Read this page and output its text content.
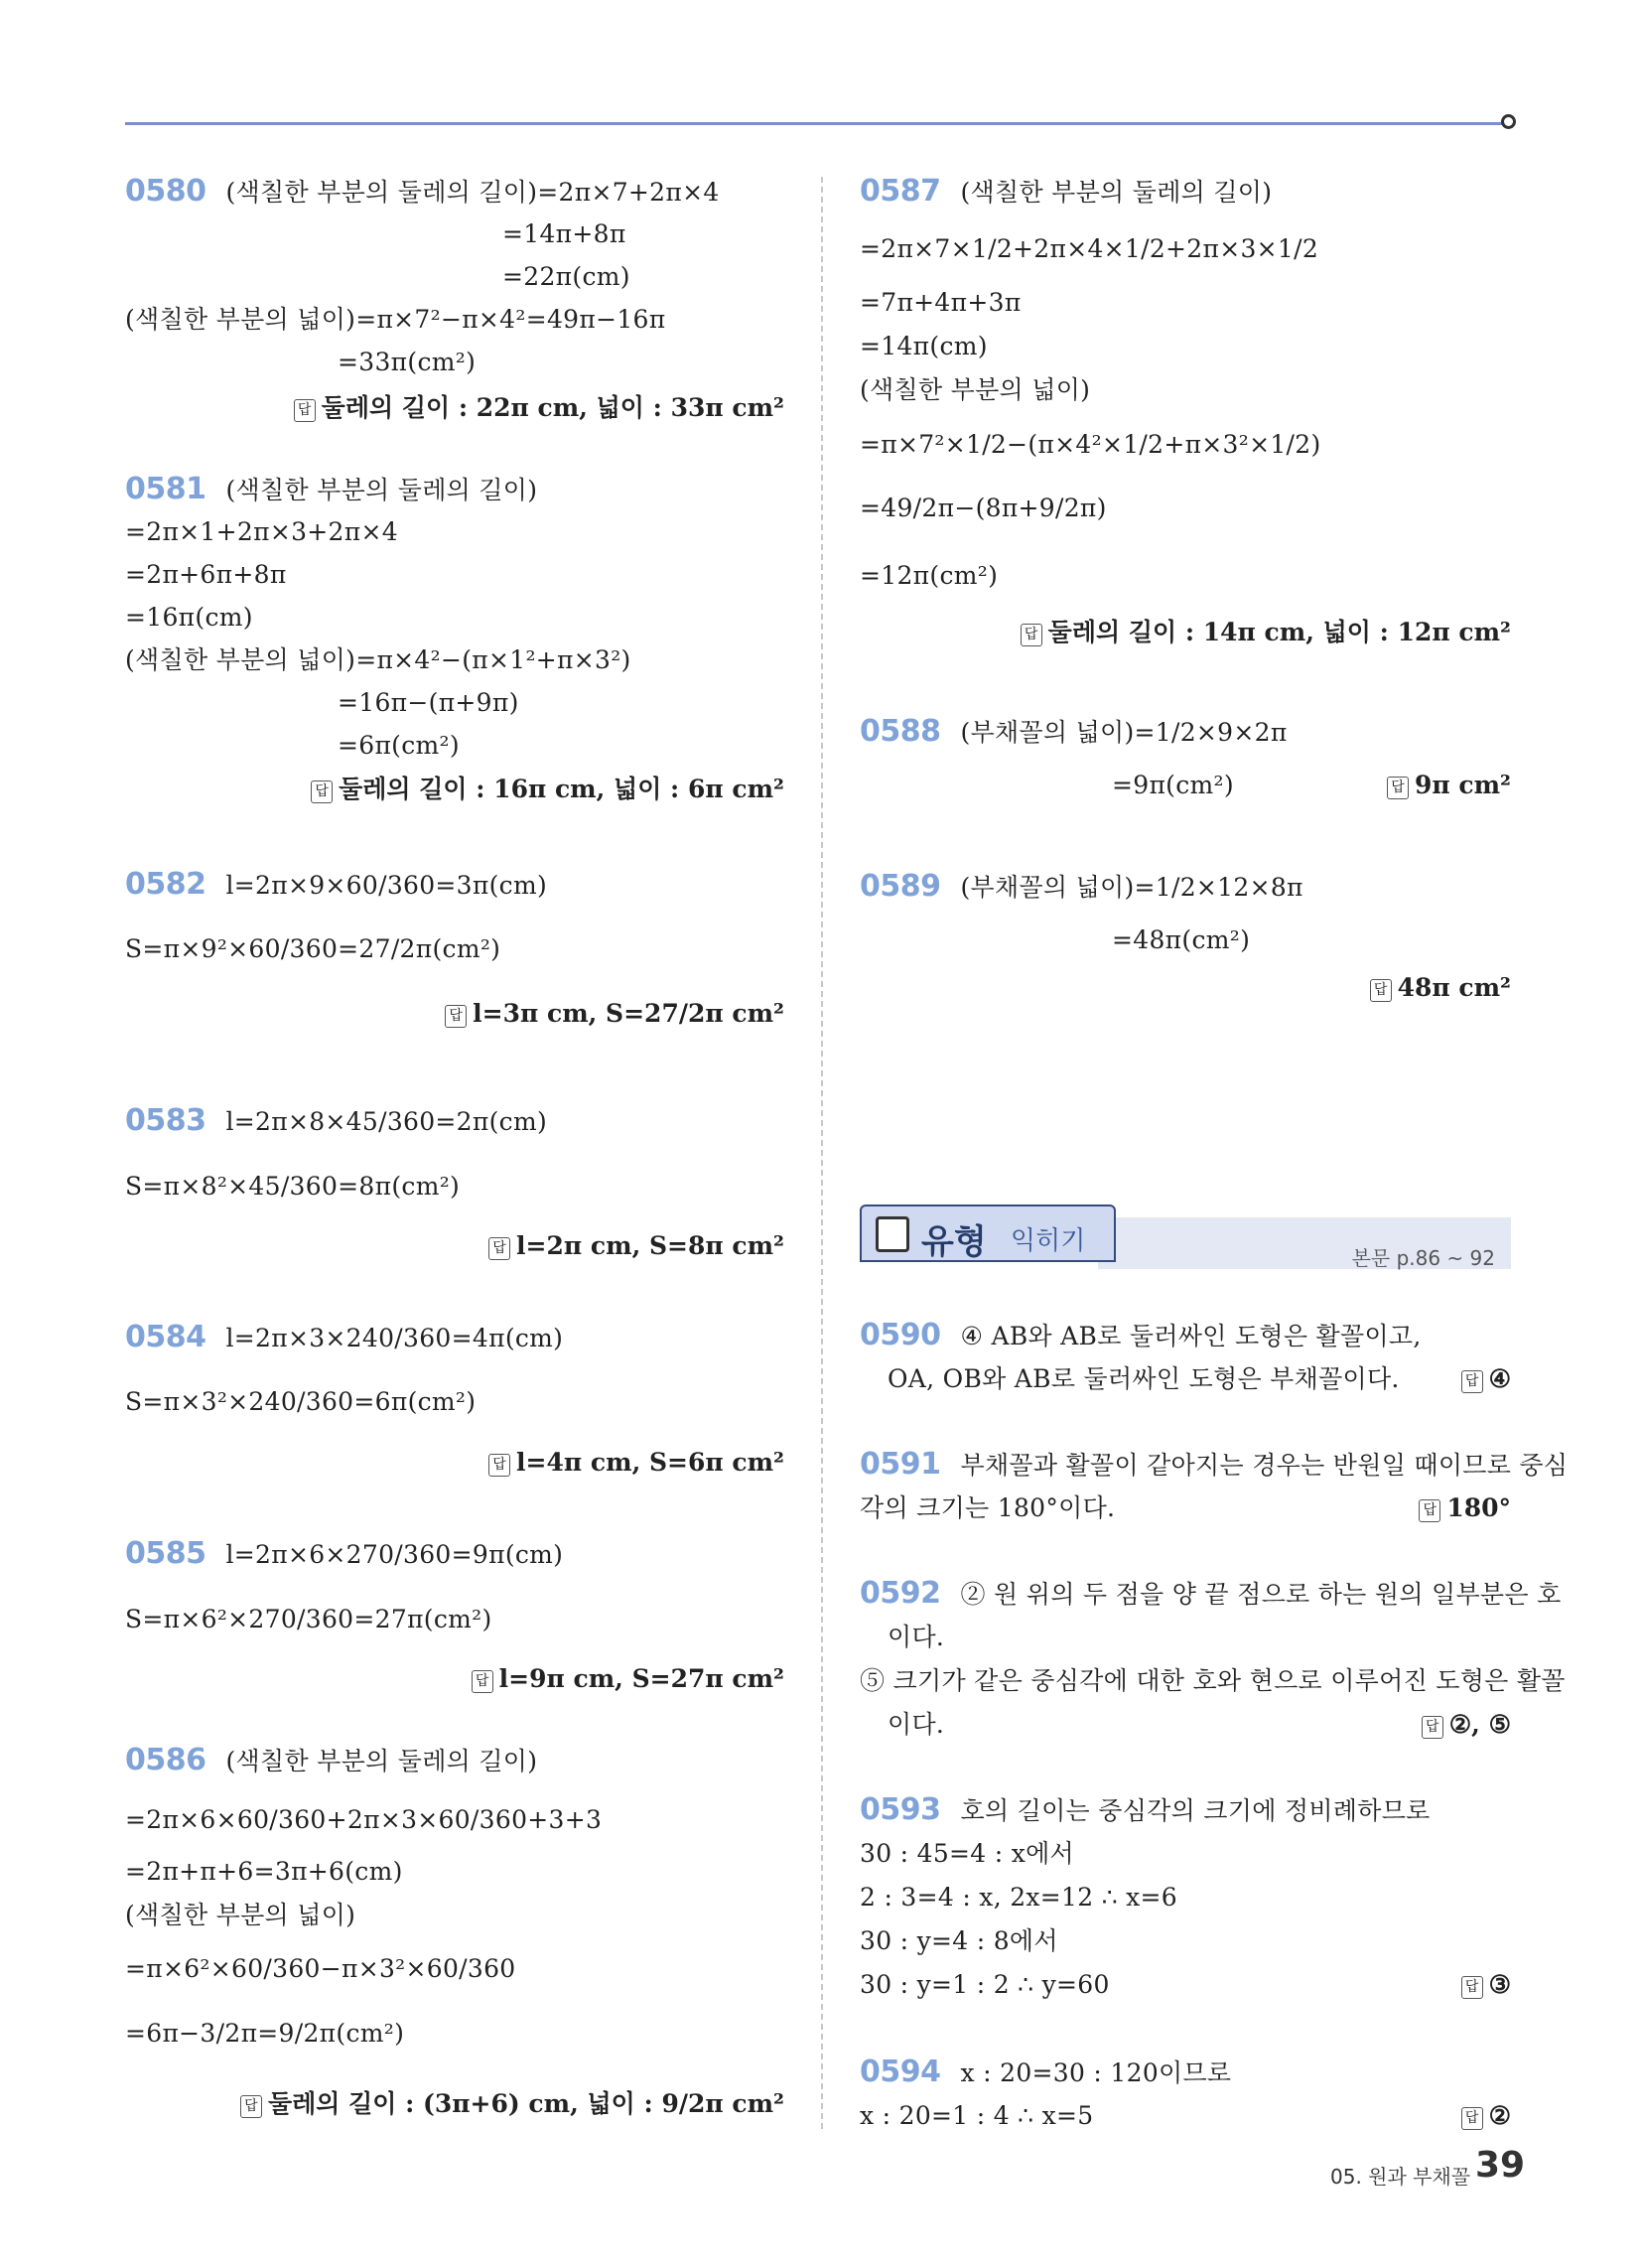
0580 (색칠한 부분의 둘레의 길이)=2π×7+2π×4
=14π+8π
=22π(cm)
(색칠한 부분의 넓이)=π×7²−π×4²=49π−16π
=33π(cm²)
답 둘레의 길이 : 22π cm, 넓이 : 33π cm²
0581 (색칠한 부분의 둘레의 길이)
=2π×1+2π×3+2π×4
=2π+6π+8π
=16π(cm)
(색칠한 부분의 넓이)=π×4²−(π×1²+π×3²)
=16π−(π+9π)
=6π(cm²)
답 둘레의 길이 : 16π cm, 넓이 : 6π cm²
0582 l=2π×9×60/360=3π(cm)
S=π×9²×60/360=27/2π(cm²)
답 l=3π cm, S=27/2π cm²
0583 l=2π×8×45/360=2π(cm)
S=π×8²×45/360=8π(cm²)
답 l=2π cm, S=8π cm²
0584 l=2π×3×240/360=4π(cm)
S=π×3²×240/360=6π(cm²)
답 l=4π cm, S=6π cm²
0585 l=2π×6×270/360=9π(cm)
S=π×6²×270/360=27π(cm²)
답 l=9π cm, S=27π cm²
0586 (색칠한 부분의 둘레의 길이)
=2π×6×60/360+2π×3×60/360+3+3
=2π+π+6=3π+6(cm)
(색칠한 부분의 넓이)
=π×6²×60/360−π×3²×60/360
=6π−3/2π=9/2π(cm²)
답 둘레의 길이 : (3π+6) cm, 넓이 : 9/2π cm²
0587 (색칠한 부분의 둘레의 길이)
=2π×7×1/2+2π×4×1/2+2π×3×1/2
=7π+4π+3π
=14π(cm)
(색칠한 부분의 넓이)
=π×7²×1/2−(π×4²×1/2+π×3²×1/2)
=49/2π−(8π+9/2π)
=12π(cm²)
답 둘레의 길이 : 14π cm, 넓이 : 12π cm²
0588 (부채꼴의 넓이)=1/2×9×2π
=9π(cm²)	답 9π cm²
0589 (부채꼴의 넓이)=1/2×12×8π
=48π(cm²)
답 48π cm²
0590 ④ AB와 AB로 둘러싸인 도형은 활꼴이고,
OA, OB와 AB로 둘러싸인 도형은 부채꼴이다.	답 ④
0591 부채꼴과 활꼴이 같아지는 경우는 반원일 때이므로 중심
각의 크기는 180°이다.	답 180°
0592 ② 원 위의 두 점을 양 끝 점으로 하는 원의 일부분은 호
이다.
⑤ 크기가 같은 중심각에 대한 호와 현으로 이루어진 도형은 활꼴
이다.	답 ②, ⑤
0593 호의 길이는 중심각의 크기에 정비례하므로
30 : 45=4 : x에서
2 : 3=4 : x, 2x=12 ∴ x=6
30 : y=4 : 8에서
30 : y=1 : 2 ∴ y=60	답 ③
0594 x : 20=30 : 120이므로
x : 20=1 : 4 ∴ x=5	답 ②
본문 p.86 ~ 92
유형 익히기
05. 원과 부채꼴 39
